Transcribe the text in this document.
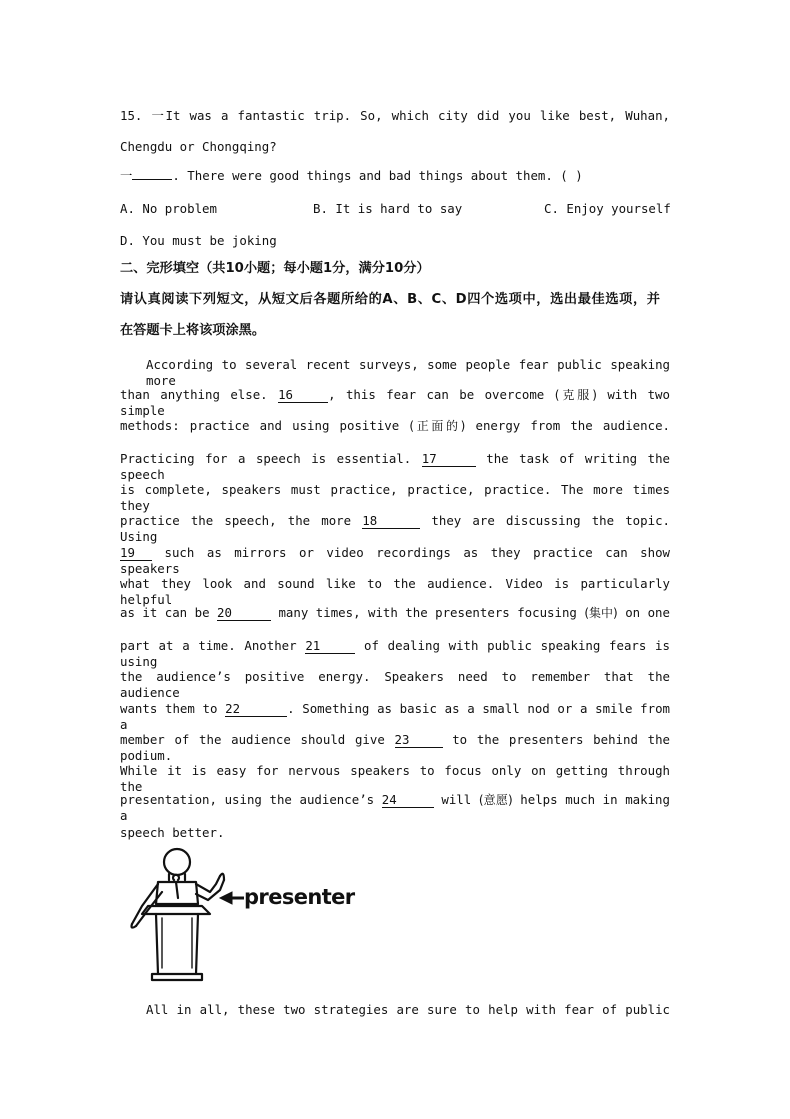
15. 一It was a fantastic trip. So, which city did you like best, Wuhan,
Chengdu or Chongqing?
一	. There were good things and bad things about them. ( )
A. No problem	B. It is hard to say	C. Enjoy yourself
D. You must be joking
二、完形填空（共10小题；每小题1分，满分10分）
请认真阅读下列短文，从短文后各题所给的A、B、C、D四个选项中，选出最佳选项，并
在答题卡上将该项涂黑。
According to several recent surveys, some people fear public speaking more
than anything else. 16	, this fear can be overcome (克服) with two simple
methods: practice and using positive (正面的) energy from the audience.
Practicing for a speech is essential. 17	the task of writing the speech
is complete, speakers must practice, practice, practice. The more times they
practice the speech, the more 18	they are discussing the topic. Using
19 such as mirrors or video recordings as they practice can show speakers
what they look and sound like to the audience. Video is particularly helpful
as it can be 20	many times, with the presenters focusing (集中) on one
part at a time. Another 21	of dealing with public speaking fears is using
the audience’s positive energy. Speakers need to remember that the audience
wants them to 22	. Something as basic as a small nod or a smile from a
member of the audience should give 23	to the presenters behind the podium.
While it is easy for nervous speakers to focus only on getting through the
presentation, using the audience’s 24	will (意愿) helps much in making a
speech better.
presenter
All in all, these two strategies are sure to help with fear of public
